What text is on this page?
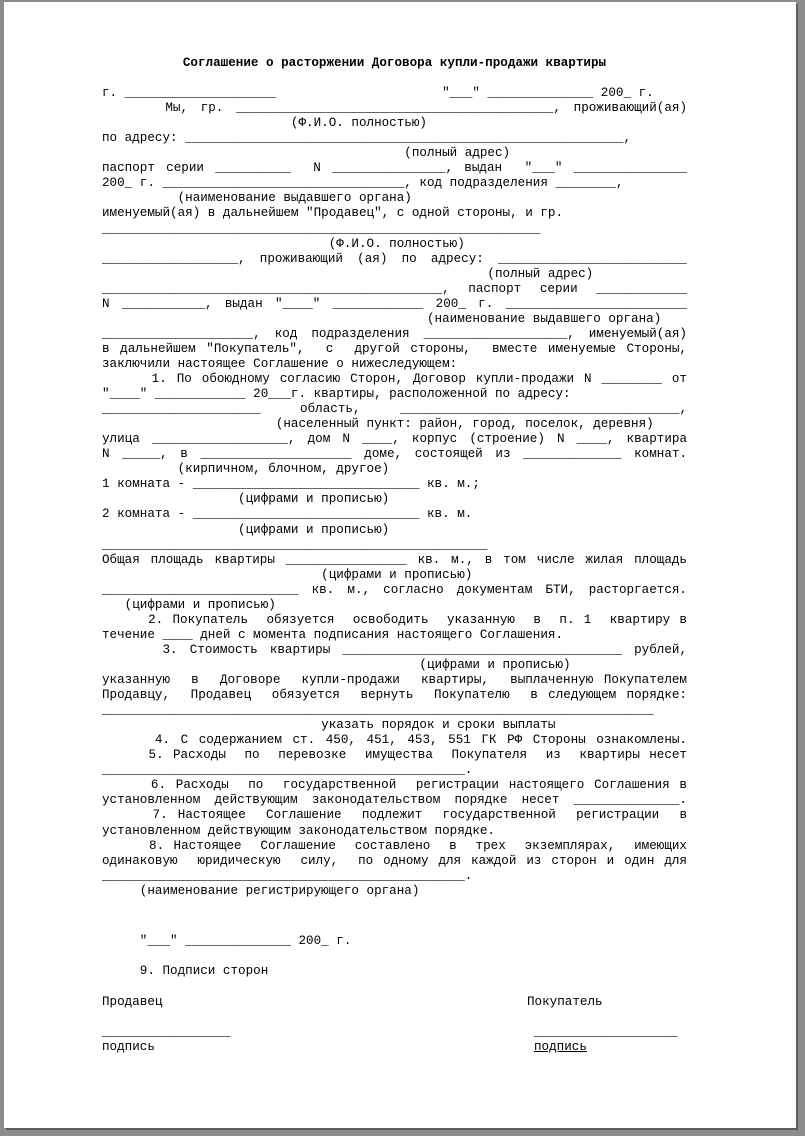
Соглашение о расторжении Договора купли-продажи квартиры
г. ____________________                      "___" ______________ 200_ г.
Мы, гр. __________________________________________, проживающий(ая)
(Ф.И.О. полностью)
по адресу: __________________________________________________________,
(полный адрес)
паспорт серии __________  N _______________, выдан  "___" _______________
200_ г. ________________________________, код подразделения ________,
(наименование выдавшего органа)
именуемый(ая) в дальнейшем "Продавец", с одной стороны, и гр.
__________________________________________________________
(Ф.И.О. полностью)
__________________, проживающий (ая) по адресу: _________________________
(полный адрес)
_____________________________________________, паспорт серии ____________
N ___________, выдан "____" ____________ 200_ г. ________________________
(наименование выдавшего органа)
____________________, код подразделения ___________________, именуемый(ая)
в дальнейшем "Покупатель",  с  другой стороны,  вместе именуемые Стороны,
заключили настоящее Соглашение о нижеследующем:
1. По обоюдному согласию Сторон, Договор купли-продажи N ________ от
"____" ____________ 20___г. квартиры, расположенной по адресу:
_____________________ область, _____________________________________,
(населенный пункт: район, город, поселок, деревня)
улица __________________, дом N ____, корпус (строение) N ____, квартира
N _____, в ____________________ доме, состоящей из _____________ комнат.
(кирпичном, блочном, другое)
1 комната - ______________________________ кв. м.;
(цифрами и прописью)
2 комната - ______________________________ кв. м.
(цифрами и прописью)
___________________________________________________
Общая площадь квартиры ________________ кв. м., в том числе жилая площадь
(цифрами и прописью)
__________________________ кв. м., согласно документам БТИ, расторгается.
(цифрами и прописью)
2. Покупатель  обязуется  освободить  указанную  в  п. 1  квартиру в
течение ____ дней с момента подписания настоящего Соглашения.
3. Стоимость квартиры _____________________________________ рублей,
(цифрами и прописью)
указанную  в  Договоре  купли-продажи  квартиры,  выплаченную Покупателем
Продавцу,  Продавец  обязуется  вернуть  Покупателю  в следующем порядке:
_________________________________________________________________________
указать порядок и сроки выплаты
4. С содержанием ст. 450, 451, 453, 551 ГК РФ Стороны ознакомлены.
5. Расходы  по  перевозке  имущества  Покупателя  из  квартиры несет
________________________________________________.
6. Расходы  по  государственной  регистрации настоящего Соглашения в
установленном действующим законодательством порядке несет ______________.
7. Настоящее  Соглашение  подлежит  государственной  регистрации  в
установленном действующим законодательством порядке.
8. Настоящее  Соглашение  составлено  в  трех  экземплярах,  имеющих
одинаковую  юридическую  силу,  по одному для каждой из сторон и один для
________________________________________________.
(наименование регистрирующего органа)
"___" ______________ 200_ г.
9. Подписи сторон
Продавец	Покупатель
_________________	___________________
подпись	подпись
